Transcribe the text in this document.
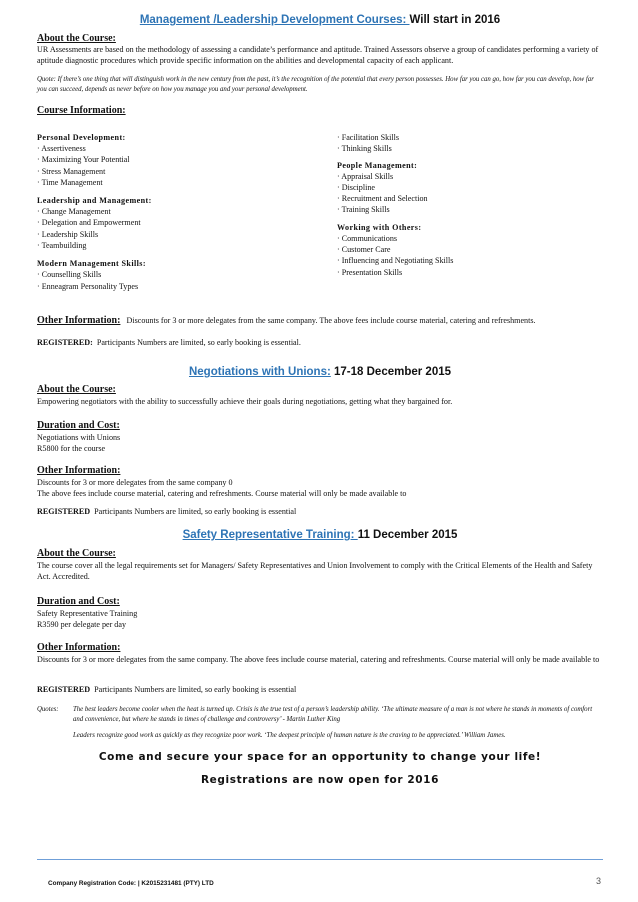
Management /Leadership Development Courses: Will start in 2016

About the Course:

UR Assessments are based on the methodology of assessing a candidate’s performance and aptitude. Trained Assessors observe a group of candidates performing a variety of aptitude diagnostic procedures which provide specific information on the abilities and developmental capacity of each applicant.

Quote: If there’s one thing that will distinguish work in the new century from the past, it’s the recognition of the potential that every person possesses. How far you can go, how far you can develop, how far you can succeed, depends as never before on how you manage you and your personal development.

Course Information:

Personal Development:

· Assertiveness

· Maximizing Your Potential

· Stress Management

· Time Management

Leadership and Management:

· Change Management

· Delegation and Empowerment

· Leadership Skills

· Teambuilding

Modern Management Skills:

· Counselling Skills

· Enneagram Personality Types

· Facilitation Skills

· Thinking Skills

People Management:

· Appraisal Skills

· Discipline

· Recruitment and Selection

· Training Skills

Working with Others:

· Communications

· Customer Care

· Influencing and Negotiating Skills

· Presentation Skills

Other Information: Discounts for 3 or more delegates from the same company. The above fees include course material, catering and refreshments.

REGISTERED: Participants Numbers are limited, so early booking is essential.

Negotiations with Unions: 17-18 December 2015

About the Course:

Empowering negotiators with the ability to successfully achieve their goals during negotiations, getting what they bargained for.

Duration and Cost:

Negotiations with Unions

R5800 for the course

Other Information:

Discounts for 3 or more delegates from the same company 0

The above fees include course material, catering and refreshments. Course material will only be made available to

REGISTERED Participants Numbers are limited, so early booking is essential

Safety Representative Training: 11 December 2015

About the Course:

The course cover all the legal requirements set for Managers/ Safety Representatives and Union Involvement to comply with the Critical Elements of the Health and Safety Act. Accredited.

Duration and Cost:

Safety Representative Training

R3590 per delegate per day

Other Information:

Discounts for 3 or more delegates from the same company. The above fees include course material, catering and refreshments. Course material will only be made available to

REGISTERED Participants Numbers are limited, so early booking is essential

Quotes:	The best leaders become cooler when the heat is turned up. Crisis is the true test of a person’s leadership ability. ‘The ultimate measure of a man is not where he stands in moments of comfort and convenience, but where he stands in times of challenge and controversy’ - Martin Luther King

Leaders recognize good work as quickly as they recognize poor work. ‘The deepest principle of human nature is the craving to be appreciated.’ William James.

Come and secure your space for an opportunity to change your life!
Registrations are now open for 2016
Company Registration Code: | K2015231481 (PTY) LTD	3
